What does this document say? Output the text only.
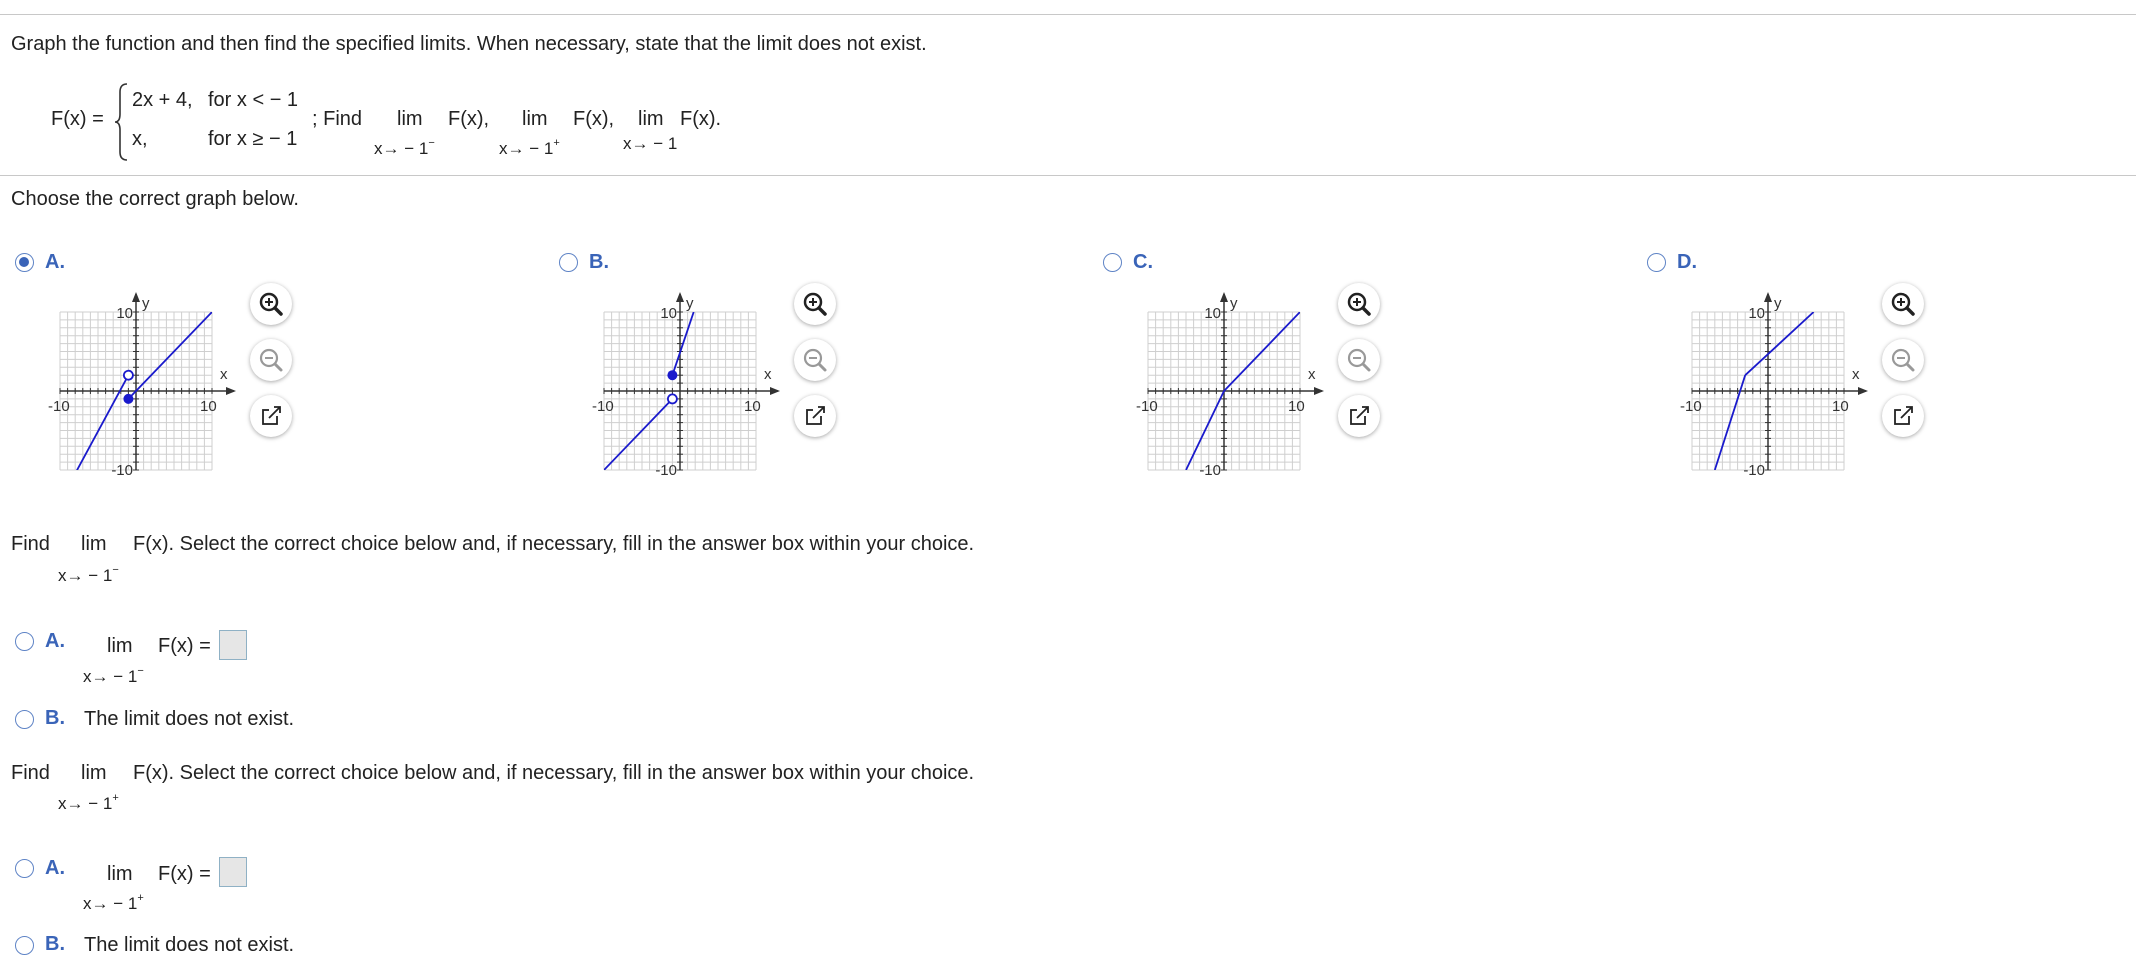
Graph the function and then find the specified limits. When necessary, state that the limit does not exist.
F(x) =
2x + 4, for x < − 1
x,	for x ≥ − 1
; Find lim F(x),
x→ − 1−
lim F(x),
x→ − 1+
lim F(x).
x→ − 1
Choose the correct graph below.
A.
y
x
10
-10
-10	10
B.
y
x
10
-10
-10	10
C.
y
x
10
-10
-10	10
D.
y
x
10
-10
-10	10
Find lim F(x). Select the correct choice below and, if necessary, fill in the answer box within your choice.
x→ − 1−
A. lim F(x) =
x→ − 1−
B. The limit does not exist.
Find lim F(x). Select the correct choice below and, if necessary, fill in the answer box within your choice.
x→ − 1+
A. lim F(x) =
x→ − 1+
B. The limit does not exist.
